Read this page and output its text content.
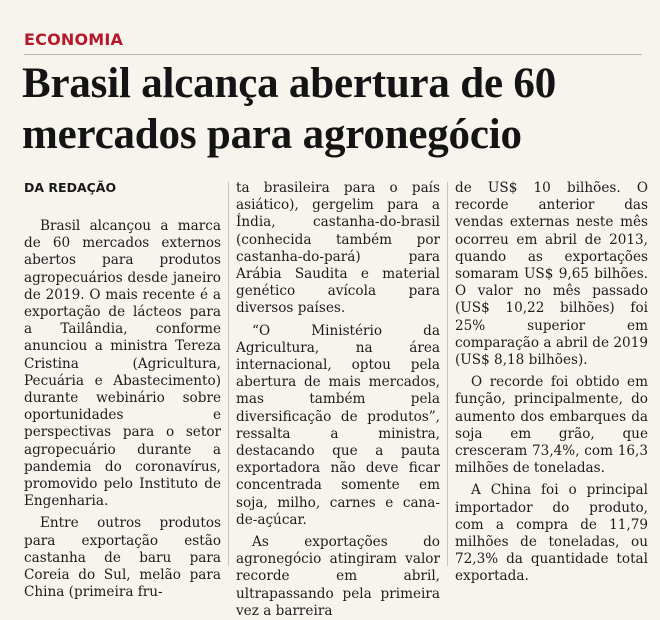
ECONOMIA
Brasil alcança abertura de 60 mercados para agronegócio
DA REDAÇÃO

Brasil alcançou a marca de 60 mercados externos abertos para produtos agropecuários desde janeiro de 2019. O mais recente é a exportação de lácteos para a Tailândia, conforme anunciou a ministra Tereza Cristina (Agricultura, Pecuária e Abastecimento) durante webinário sobre oportunidades e perspectivas para o setor agropecuário durante a pandemia do coronavírus, promovido pelo Instituto de Engenharia.

Entre outros produtos para exportação estão castanha de baru para Coreia do Sul, melão para China (primeira fru-

ta brasileira para o país asiático), gergelim para a Índia, castanha-do-brasil (conhecida também por castanha-do-pará) para Arábia Saudita e material genético avícola para diversos países.

“O Ministério da Agricultura, na área internacional, optou pela abertura de mais mercados, mas também pela diversificação de produtos”, ressalta a ministra, destacando que a pauta exportadora não deve ficar concentrada somente em soja, milho, carnes e cana-de-açúcar.

As exportações do agronegócio atingiram valor recorde em abril, ultrapassando pela primeira vez a barreira

de US$ 10 bilhões. O recorde anterior das vendas externas neste mês ocorreu em abril de 2013, quando as exportações somaram US$ 9,65 bilhões. O valor no mês passado (US$ 10,22 bilhões) foi 25% superior em comparação a abril de 2019 (US$ 8,18 bilhões).

O recorde foi obtido em função, principalmente, do aumento dos embarques da soja em grão, que cresceram 73,4%, com 16,3 milhões de toneladas.

A China foi o principal importador do produto, com a compra de 11,79 milhões de toneladas, ou 72,3% da quantidade total exportada.
